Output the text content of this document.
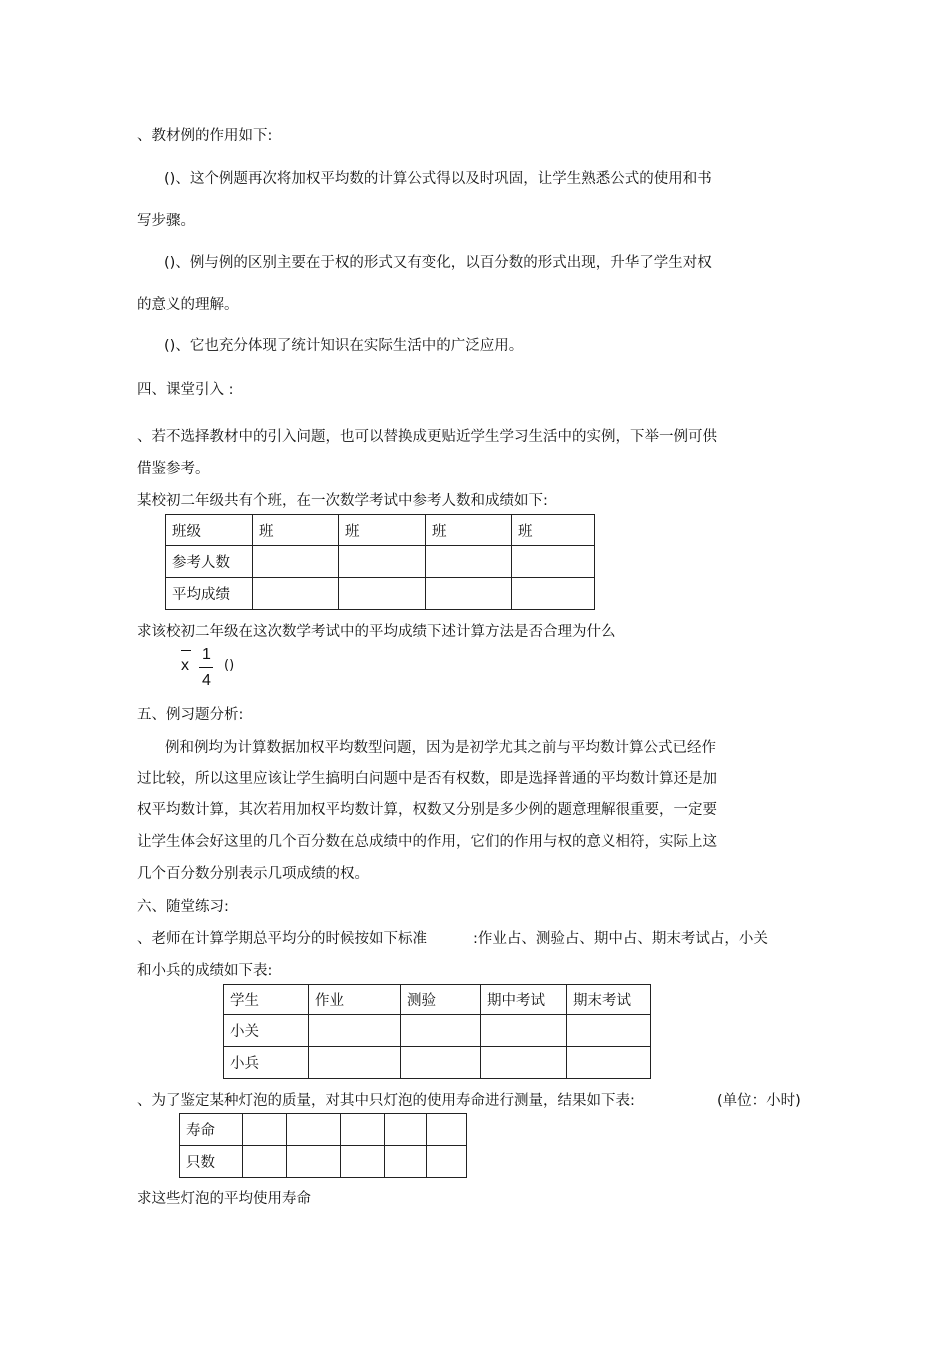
、教材例的作用如下:

()、这个例题再次将加权平均数的计算公式得以及时巩固，让学生熟悉公式的使用和书

写步骤。

()、例与例的区别主要在于权的形式又有变化，以百分数的形式出现，升华了学生对权

的意义的理解。

()、它也充分体现了统计知识在实际生活中的广泛应用。

四、课堂引入 :

、若不选择教材中的引入问题，也可以替换成更贴近学生学习生活中的实例，下举一例可供

借鉴参考。

某校初二年级共有个班，在一次数学考试中参考人数和成绩如下:

班级	班	班	班	班
参考人数				
平均成绩				

求该校初二年级在这次数学考试中的平均成绩下述计算方法是否合理为什么

x
1
4
()

五、例习题分析:

例和例均为计算数据加权平均数型问题，因为是初学尤其之前与平均数计算公式已经作

过比较，所以这里应该让学生搞明白问题中是否有权数，即是选择普通的平均数计算还是加

权平均数计算，其次若用加权平均数计算，权数又分别是多少例的题意理解很重要，一定要

让学生体会好这里的几个百分数在总成绩中的作用，它们的作用与权的意义相符，实际上这

几个百分数分别表示几项成绩的权。

六、随堂练习:

、老师在计算学期总平均分的时候按如下标准	:作业占、测验占、期中占、期末考试占，小关

和小兵的成绩如下表:

学生	作业	测验	期中考试	期末考试
小关				
小兵				

、为了鉴定某种灯泡的质量，对其中只灯泡的使用寿命进行测量，结果如下表:	(单位：小时)

寿命					
只数					

求这些灯泡的平均使用寿命
